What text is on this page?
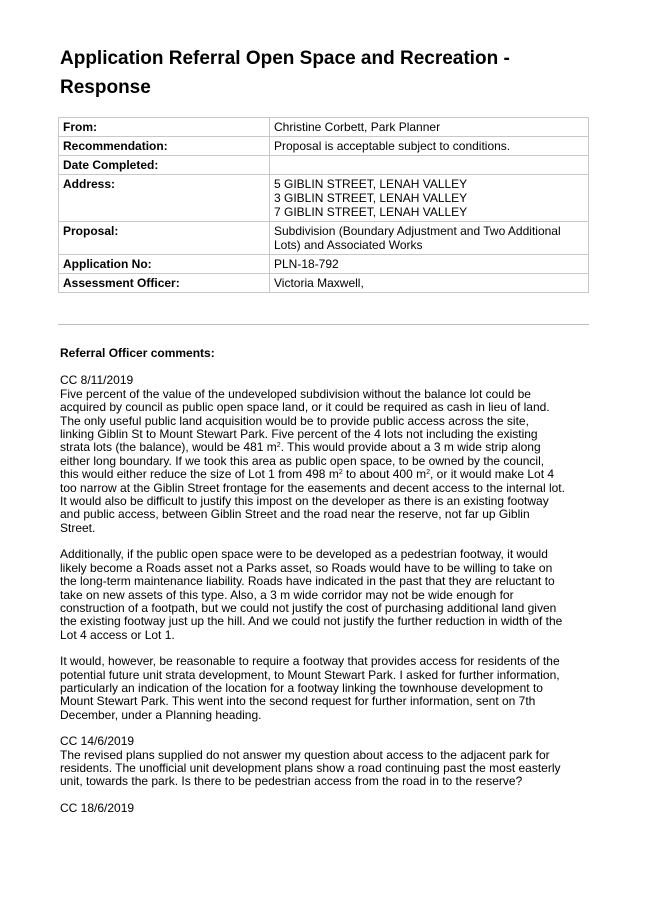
Application Referral Open Space and Recreation -
Response
From:	Christine Corbett, Park Planner
Recommendation:	Proposal is acceptable subject to conditions.
Date Completed:	
Address:	5 GIBLIN STREET, LENAH VALLEY
3 GIBLIN STREET, LENAH VALLEY
7 GIBLIN STREET, LENAH VALLEY

Proposal:	Subdivision (Boundary Adjustment and Two Additional
Lots) and Associated Works

Application No:	PLN-18-792
Assessment Officer:	Victoria Maxwell,
Referral Officer comments:
CC 8/11/2019
Five percent of the value of the undeveloped subdivision without the balance lot could be
acquired by council as public open space land, or it could be required as cash in lieu of land.
The only useful public land acquisition would be to provide public access across the site,
linking Giblin St to Mount Stewart Park. Five percent of the 4 lots not including the existing
strata lots (the balance), would be 481 $m^2$. This would provide about a 3 m wide strip along
either long boundary. If we took this area as public open space, to be owned by the council,
this would either reduce the size of Lot 1 from 498 $m^2$ to about 400 $m^2$, or it would make Lot 4
too narrow at the Giblin Street frontage for the easements and decent access to the internal lot.
It would also be difficult to justify this impost on the developer as there is an existing footway
and public access, between Giblin Street and the road near the reserve, not far up Giblin
Street.
Additionally, if the public open space were to be developed as a pedestrian footway, it would
likely become a Roads asset not a Parks asset, so Roads would have to be willing to take on
the long-term maintenance liability. Roads have indicated in the past that they are reluctant to
take on new assets of this type. Also, a 3 m wide corridor may not be wide enough for
construction of a footpath, but we could not justify the cost of purchasing additional land given
the existing footway just up the hill. And we could not justify the further reduction in width of the
Lot 4 access or Lot 1.
It would, however, be reasonable to require a footway that provides access for residents of the
potential future unit strata development, to Mount Stewart Park. I asked for further information,
particularly an indication of the location for a footway linking the townhouse development to
Mount Stewart Park. This went into the second request for further information, sent on 7th
December, under a Planning heading.
CC 14/6/2019
The revised plans supplied do not answer my question about access to the adjacent park for
residents. The unofficial unit development plans show a road continuing past the most easterly
unit, towards the park. Is there to be pedestrian access from the road in to the reserve?
CC 18/6/2019
